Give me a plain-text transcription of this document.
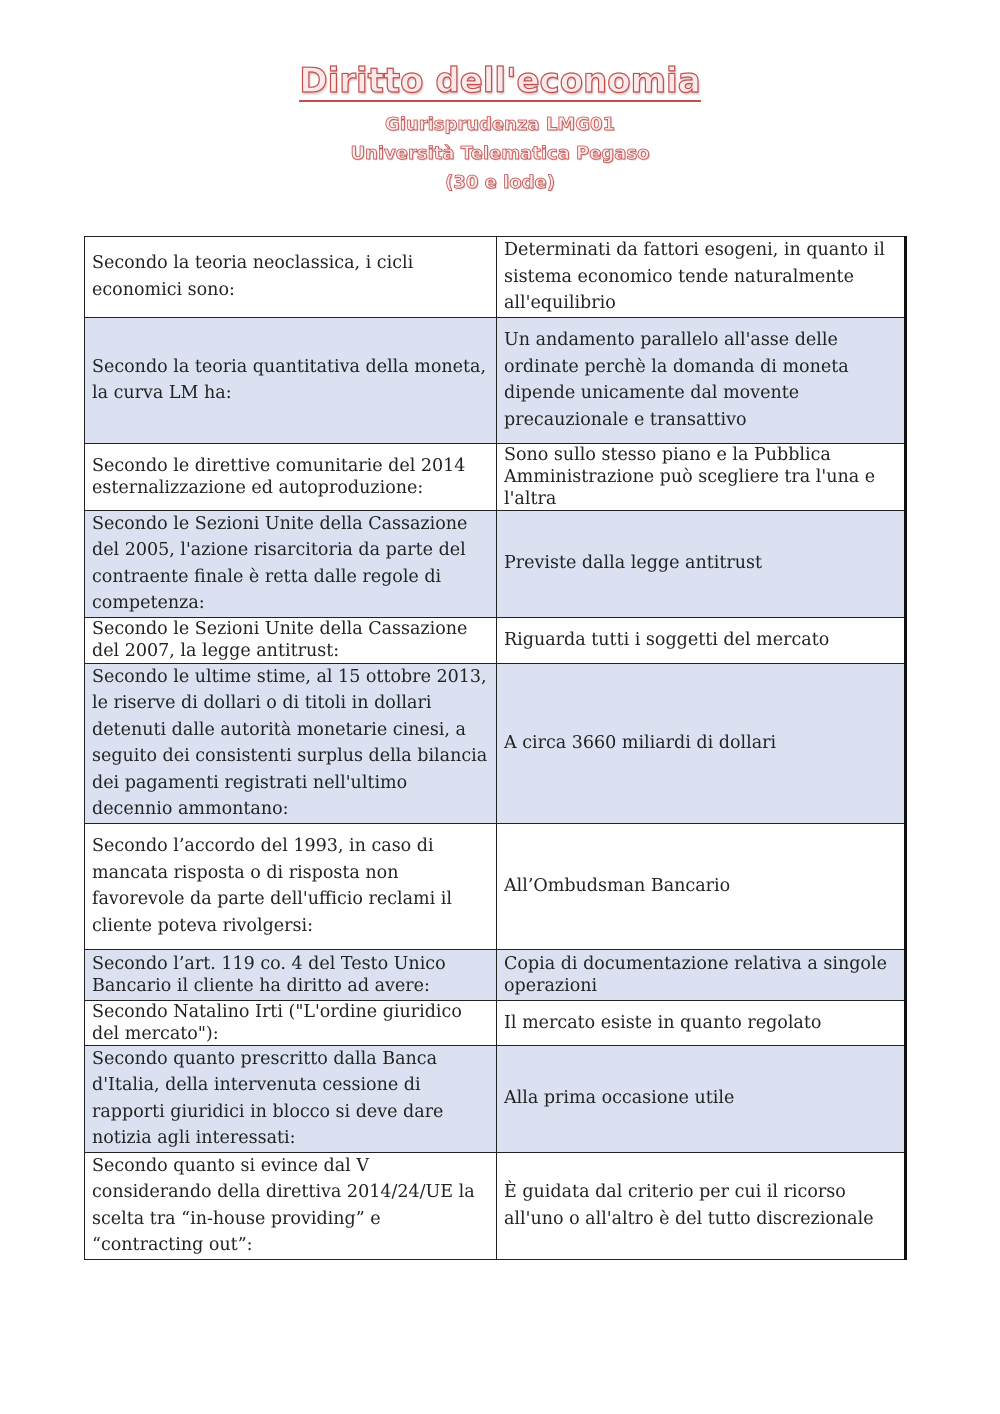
Diritto dell'economia
Giurisprudenza LMG01
Università Telematica Pegaso
(30 e lode)
Secondo la teoria neoclassica, i cicli economici sono:	Determinati da fattori esogeni, in quanto il sistema economico tende naturalmente all'equilibrio
Secondo la teoria quantitativa della moneta, la curva LM ha:	Un andamento parallelo all'asse delle ordinate perchè la domanda di moneta dipende unicamente dal movente precauzionale e transattivo
Secondo le direttive comunitarie del 2014 esternalizzazione ed autoproduzione:	Sono sullo stesso piano e la Pubblica Amministrazione può scegliere tra l'una e l'altra
Secondo le Sezioni Unite della Cassazione del 2005, l'azione risarcitoria da parte del contraente finale è retta dalle regole di competenza:	Previste dalla legge antitrust
Secondo le Sezioni Unite della Cassazione del 2007, la legge antitrust:	Riguarda tutti i soggetti del mercato
Secondo le ultime stime, al 15 ottobre 2013, le riserve di dollari o di titoli in dollari detenuti dalle autorità monetarie cinesi, a seguito dei consistenti surplus della bilancia dei pagamenti registrati nell'ultimo decennio ammontano:	A circa 3660 miliardi di dollari
Secondo l’accordo del 1993, in caso di mancata risposta o di risposta non favorevole da parte dell'ufficio reclami il cliente poteva rivolgersi:	All’Ombudsman Bancario
Secondo l’art. 119 co. 4 del Testo Unico Bancario il cliente ha diritto ad avere:	Copia di documentazione relativa a singole operazioni
Secondo Natalino Irti ("L'ordine giuridico del mercato"):	Il mercato esiste in quanto regolato
Secondo quanto prescritto dalla Banca d'Italia, della intervenuta cessione di rapporti giuridici in blocco si deve dare notizia agli interessati:	Alla prima occasione utile
Secondo quanto si evince dal V considerando della direttiva 2014/24/UE la scelta tra “in-house providing” e “contracting out”:	È guidata dal criterio per cui il ricorso all'uno o all'altro è del tutto discrezionale
